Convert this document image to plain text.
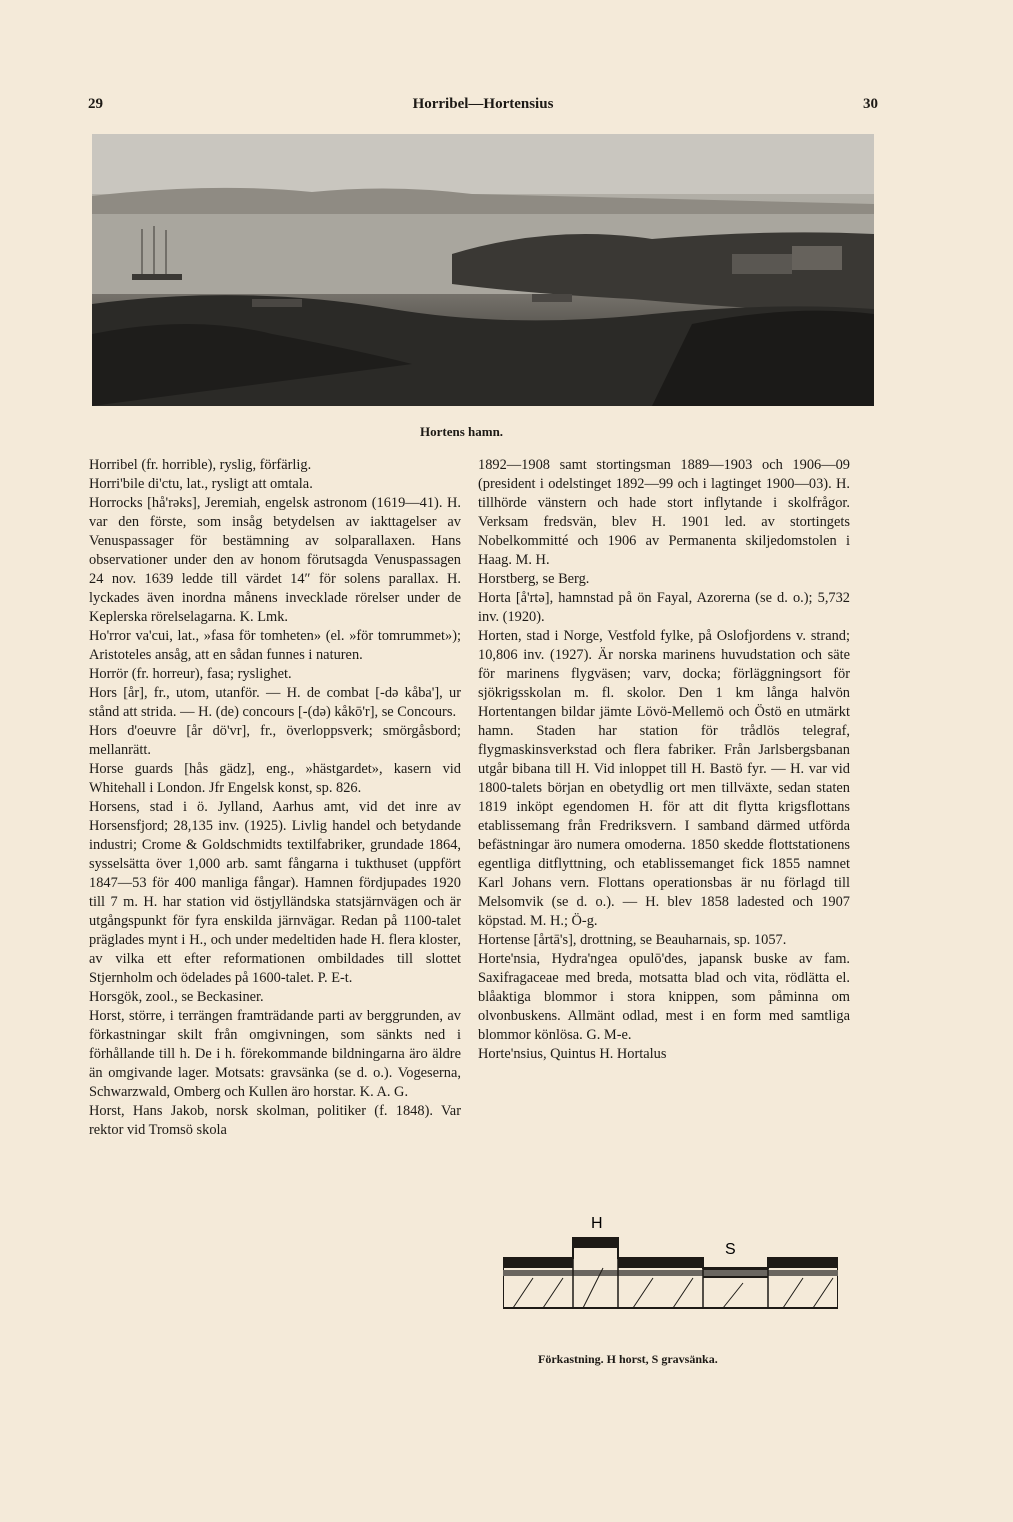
29	Horribel—Hortensius	30
Hortens hamn.

Horribel (fr. horrible), ryslig, förfärlig.

Horri'bile di'ctu, lat., rysligt att omtala.

Horrocks [hå'rəks], Jeremiah, engelsk astronom (1619—41). H. var den förste, som insåg betydelsen av iakttagelser av Venuspassager för bestämning av solparallaxen. Hans observationer under den av honom förutsagda Venuspassagen 24 nov. 1639 ledde till värdet 14″ för solens parallax. H. lyckades även inordna månens invecklade rörelser under de Keplerska rörelselagarna. K. Lmk.

Ho'rror va'cui, lat., »fasa för tomheten» (el. »för tomrummet»); Aristoteles ansåg, att en sådan funnes i naturen.

Horrör (fr. horreur), fasa; ryslighet.

Hors [år], fr., utom, utanför. — H. de combat [-də kåba'], ur stånd att strida. — H. (de) concours [-(də) kåkō'r], se Concours.

Hors d'oeuvre [år dö'vr], fr., överloppsverk; smörgåsbord; mellanrätt.

Horse guards [hås gädz], eng., »hästgardet», kasern vid Whitehall i London. Jfr Engelsk konst, sp. 826.

Horsens, stad i ö. Jylland, Aarhus amt, vid det inre av Horsensfjord; 28,135 inv. (1925). Livlig handel och betydande industri; Crome & Goldschmidts textilfabriker, grundade 1864, sysselsätta över 1,000 arb. samt fångarna i tukthuset (uppfört 1847—53 för 400 manliga fångar). Hamnen fördjupades 1920 till 7 m. H. har station vid östjylländska statsjärnvägen och är utgångspunkt för fyra enskilda järnvägar. Redan på 1100-talet präglades mynt i H., och under medeltiden hade H. flera kloster, av vilka ett efter reformationen ombildades till slottet Stjernholm och ödelades på 1600-talet. P. E-t.

Horsgök, zool., se Beckasiner.

Horst, större, i terrängen framträdande parti av berggrunden, av förkastningar skilt från omgivningen, som sänkts ned i förhållande till h. De i h. förekommande bildningarna äro äldre än omgivande lager. Motsats: gravsänka (se d. o.). Vogeserna, Schwarzwald, Omberg och Kullen äro horstar. K. A. G.

Horst, Hans Jakob, norsk skolman, politiker (f. 1848). Var rektor vid Tromsö skola

1892—1908 samt stortingsman 1889—1903 och 1906—09 (president i odelstinget 1892—99 och i lagtinget 1900—03). H. tillhörde vänstern och hade stort inflytande i skolfrågor. Verksam fredsvän, blev H. 1901 led. av stortingets Nobelkommitté och 1906 av Permanenta skiljedomstolen i Haag. M. H.

Horstberg, se Berg.

Horta [å'rtə], hamnstad på ön Fayal, Azorerna (se d. o.); 5,732 inv. (1920).

Horten, stad i Norge, Vestfold fylke, på Oslofjordens v. strand; 10,806 inv. (1927). Är norska marinens huvudstation och säte för marinens flygväsen; varv, docka; förläggningsort för sjökrigsskolan m. fl. skolor. Den 1 km långa halvön Hortentangen bildar jämte Lövö-Mellemö och Östö en utmärkt hamn. Staden har station för trådlös telegraf, flygmaskinsverkstad och flera fabriker. Från Jarlsbergsbanan utgår bibana till H. Vid inloppet till H. Bastö fyr. — H. var vid 1800-talets början en obetydlig ort men tillväxte, sedan staten 1819 inköpt egendomen H. för att dit flytta krigsflottans etablissemang från Fredriksvern. I samband därmed utförda befästningar äro numera omoderna. 1850 skedde flottstationens egentliga ditflyttning, och etablissemanget fick 1855 namnet Karl Johans vern. Flottans operationsbas är nu förlagd till Melsomvik (se d. o.). — H. blev 1858 ladested och 1907 köpstad. M. H.; Ö-g.

Hortense [årtā's], drottning, se Beauharnais, sp. 1057.

Horte'nsia, Hydra'ngea opulō'des, japansk buske av fam. Saxifragaceae med breda, motsatta blad och vita, rödlätta el. blåaktiga blommor i stora knippen, som påminna om olvonbuskens. Allmänt odlad, mest i en form med samtliga blommor könlösa. G. M-e.

Horte'nsius, Quintus H. Hortalus

H
S
Förkastning. H horst, S gravsänka.
